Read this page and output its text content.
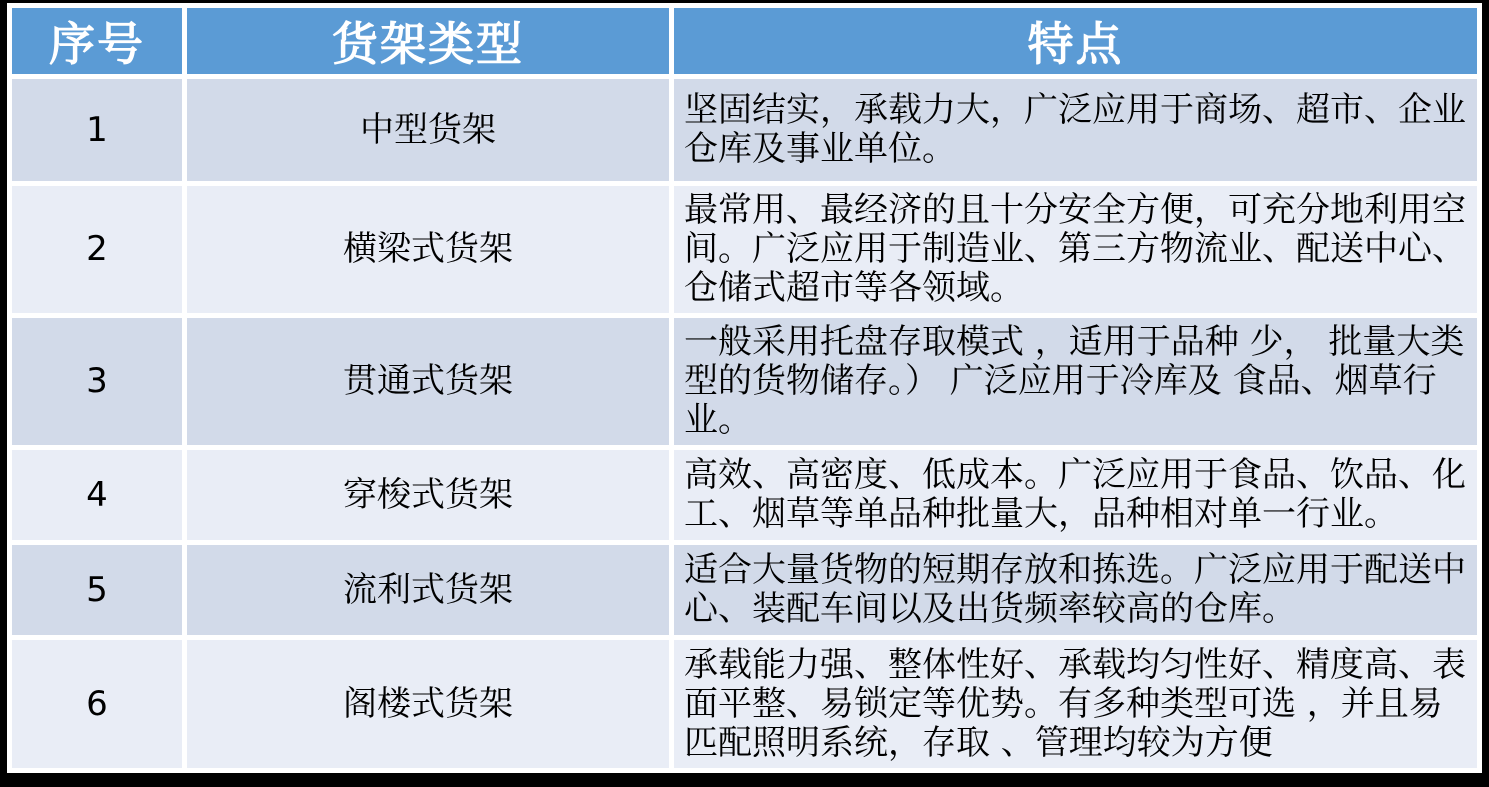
序号	货架类型	特点
1	中型货架	坚固结实，承载力大，广泛应用于商场、超市、企业仓库及事业单位。
2	横梁式货架	最常用、最经济的且十分安全方便，可充分地利用空间。广泛应用于制造业、第三方物流业、配送中心、仓储式超市等各领域。
3	贯通式货架	一般采用托盘存取模式 ，适用于品种 少， 批量大类型的货物储存。） 广泛应用于冷库及 食品、烟草行业。
4	穿梭式货架	高效、高密度、低成本。广泛应用于食品、饮品、化工、烟草等单品种批量大，品种相对单一行业。
5	流利式货架	适合大量货物的短期存放和拣选。广泛应用于配送中心、装配车间以及出货频率较高的仓库。
6	阁楼式货架	承载能力强、整体性好、承载均匀性好、精度高、表面平整、易锁定等优势。有多种类型可选 ，并且易匹配照明系统，存取 、管理均较为方便
